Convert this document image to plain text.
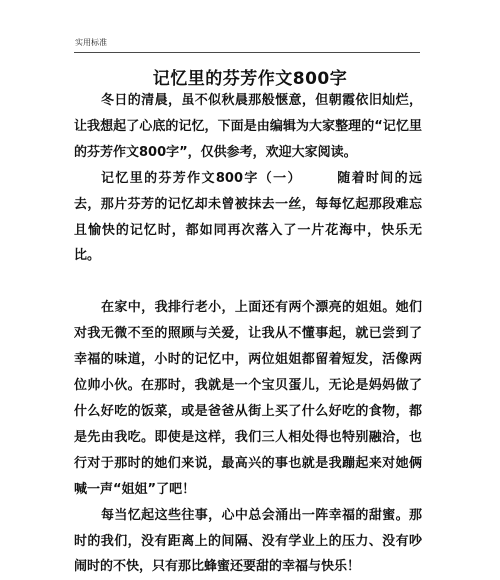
实用标准
记忆里的芬芳作文800字

冬日的清晨，虽不似秋晨那般惬意，但朝霞依旧灿烂，让我想起了心底的记忆，下面是由编辑为大家整理的“记忆里的芬芳作文800字”，仅供参考，欢迎大家阅读。

记忆里的芬芳作文800字（一）	随着时间的远去，那片芬芳的记忆却未曾被抹去一丝，每每忆起那段难忘且愉快的记忆时，都如同再次落入了一片花海中，快乐无比。

在家中，我排行老小，上面还有两个漂亮的姐姐。她们对我无微不至的照顾与关爱，让我从不懂事起，就已尝到了幸福的味道，小时的记忆中，两位姐姐都留着短发，活像两位帅小伙。在那时，我就是一个宝贝蛋儿，无论是妈妈做了什么好吃的饭菜，或是爸爸从街上买了什么好吃的食物，都是先由我吃。即使是这样，我们三人相处得也特别融洽，也行对于那时的她们来说，最高兴的事也就是我蹦起来对她俩喊一声“姐姐”了吧！

每当忆起这些往事，心中总会涌出一阵幸福的甜蜜。那时的我们，没有距离上的间隔、没有学业上的压力、没有吵闹时的不快，只有那比蜂蜜还要甜的幸福与快乐！
